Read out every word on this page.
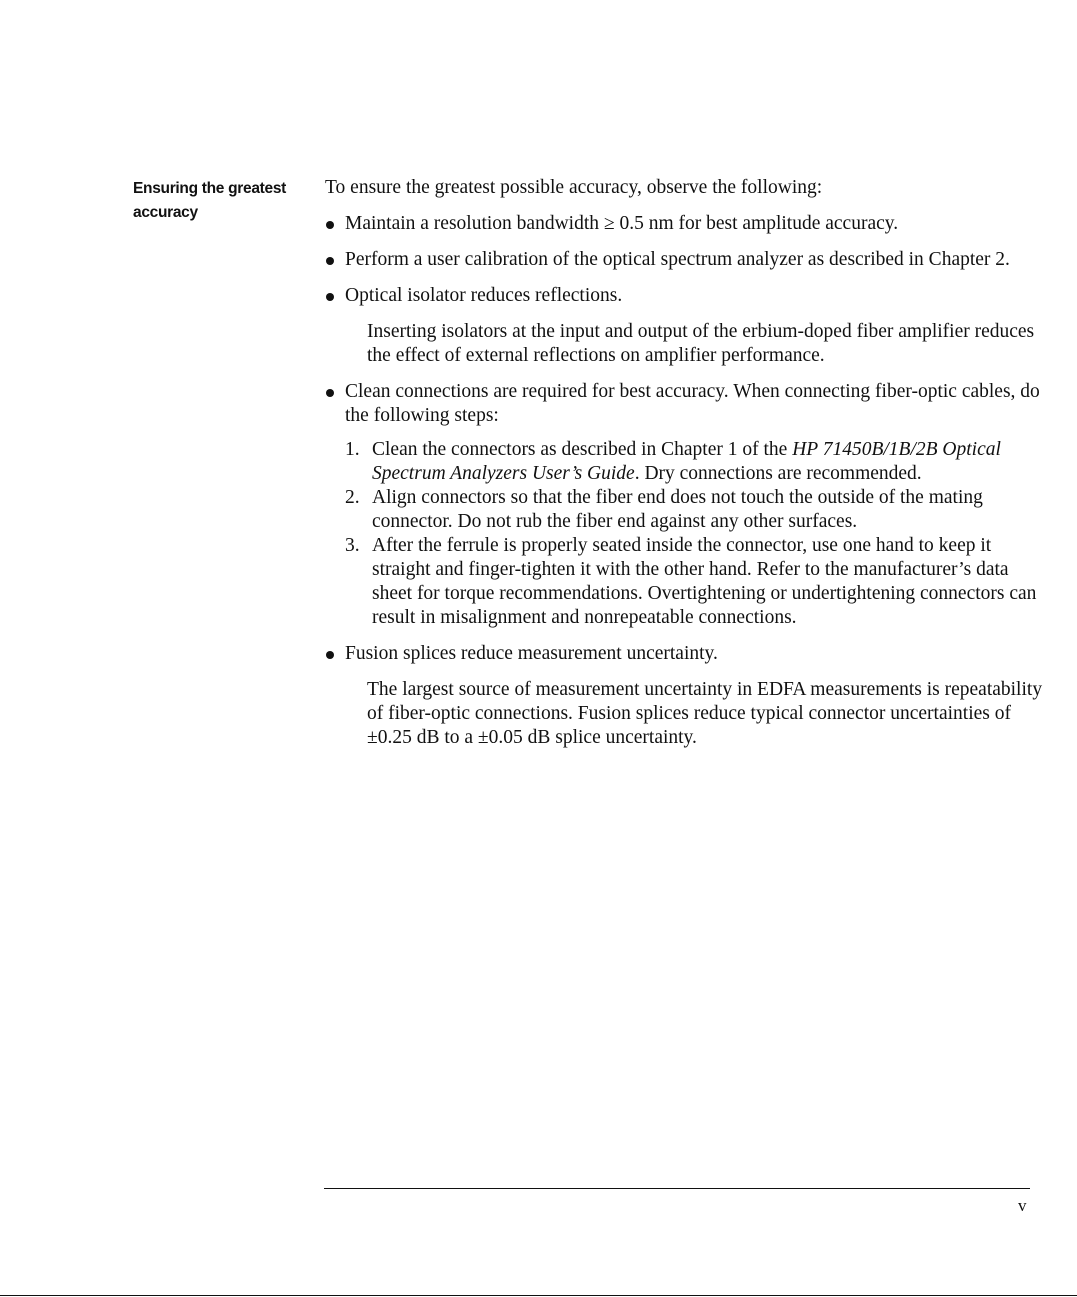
Ensuring the greatest accuracy

To ensure the greatest possible accuracy, observe the following:

Maintain a resolution bandwidth ≥ 0.5 nm for best amplitude accuracy.
Perform a user calibration of the optical spectrum analyzer as described in Chapter 2.
Optical isolator reduces reflections.

Inserting isolators at the input and output of the erbium-doped fiber amplifier reduces the effect of external reflections on amplifier performance.

Clean connections are required for best accuracy. When connecting fiber-optic cables, do the following steps:
1. Clean the connectors as described in Chapter 1 of the HP 71450B/1B/2B Optical Spectrum Analyzers User’s Guide. Dry connections are recommended.
2. Align connectors so that the fiber end does not touch the outside of the mating connector. Do not rub the fiber end against any other surfaces.
3. After the ferrule is properly seated inside the connector, use one hand to keep it straight and finger-tighten it with the other hand. Refer to the manufacturer’s data sheet for torque recommendations. Overtightening or undertightening connectors can result in misalignment and nonrepeatable connections.
Fusion splices reduce measurement uncertainty.

The largest source of measurement uncertainty in EDFA measurements is repeatability of fiber-optic connections. Fusion splices reduce typical connector uncertainties of ±0.25 dB to a ±0.05 dB splice uncertainty.

v
